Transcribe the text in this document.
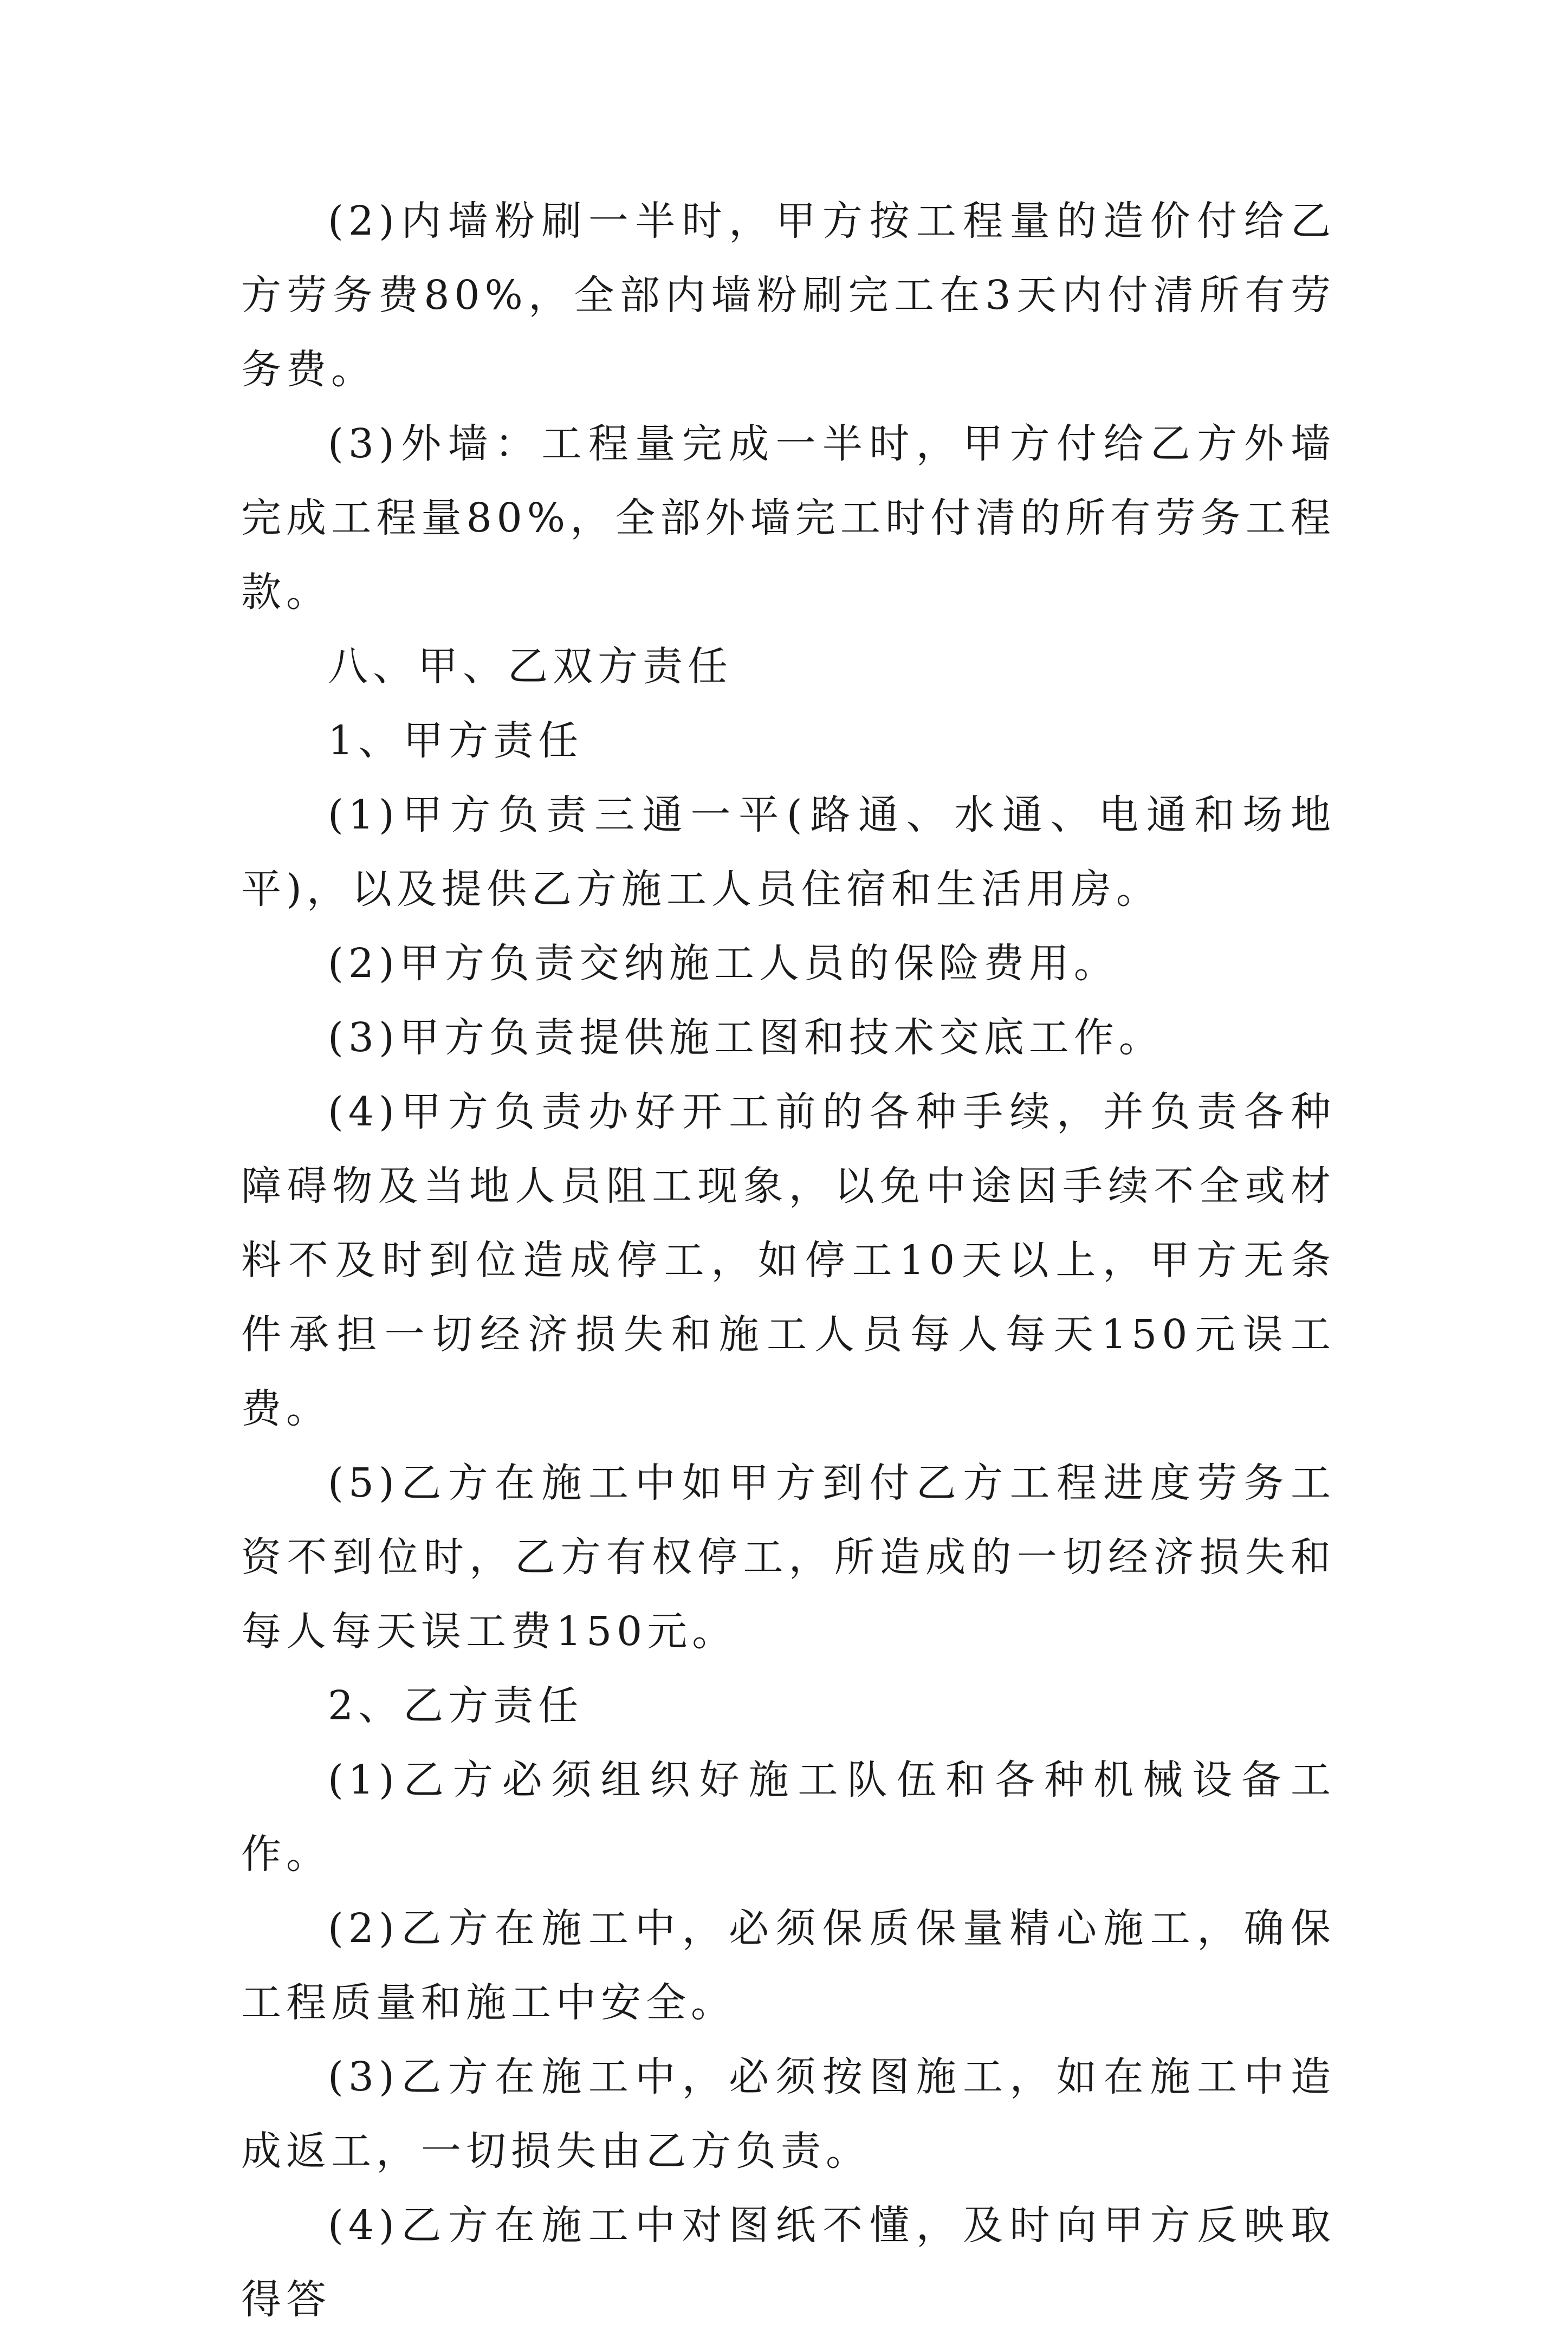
(2)内墙粉刷一半时，甲方按工程量的造价付给乙方劳务费80%，全部内墙粉刷完工在3天内付清所有劳务费。

(3)外墙：工程量完成一半时，甲方付给乙方外墙完成工程量80%，全部外墙完工时付清的所有劳务工程款。

八、甲、乙双方责任

1、甲方责任

(1)甲方负责三通一平(路通、水通、电通和场地平)，以及提供乙方施工人员住宿和生活用房。

(2)甲方负责交纳施工人员的保险费用。

(3)甲方负责提供施工图和技术交底工作。

(4)甲方负责办好开工前的各种手续，并负责各种障碍物及当地人员阻工现象，以免中途因手续不全或材料不及时到位造成停工，如停工10天以上，甲方无条件承担一切经济损失和施工人员每人每天150元误工费。

(5)乙方在施工中如甲方到付乙方工程进度劳务工资不到位时，乙方有权停工，所造成的一切经济损失和每人每天误工费150元。

2、乙方责任

(1)乙方必须组织好施工队伍和各种机械设备工作。

(2)乙方在施工中，必须保质保量精心施工，确保工程质量和施工中安全。

(3)乙方在施工中，必须按图施工，如在施工中造成返工，一切损失由乙方负责。

(4)乙方在施工中对图纸不懂，及时向甲方反映取得答
